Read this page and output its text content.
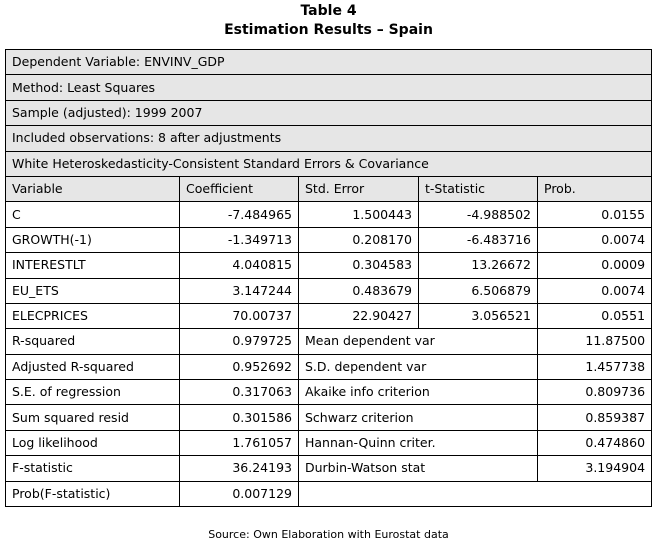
Table 4
Estimation Results – Spain
Dependent Variable: ENVINV_GDP				
Method: Least Squares				
Sample (adjusted): 1999 2007				
Included observations: 8 after adjustments				
White Heteroskedasticity-Consistent Standard Errors & Covariance				
Variable	Coefficient	Std. Error	t-Statistic	Prob.
C	-7.484965	1.500443	-4.988502	0.0155
GROWTH(-1)	-1.349713	0.208170	-6.483716	0.0074
INTERESTLT	4.040815	0.304583	13.26672	0.0009
EU_ETS	3.147244	0.483679	6.506879	0.0074
ELECPRICES	70.00737	22.90427	3.056521	0.0551
R-squared	0.979725	Mean dependent var		11.87500
Adjusted R-squared	0.952692	S.D. dependent var		1.457738
S.E. of regression	0.317063	Akaike info criterion		0.809736
Sum squared resid	0.301586	Schwarz criterion		0.859387
Log likelihood	1.761057	Hannan-Quinn criter.		0.474860
F-statistic	36.24193	Durbin-Watson stat		3.194904
Prob(F-statistic)	0.007129			
Source: Own Elaboration with Eurostat data
